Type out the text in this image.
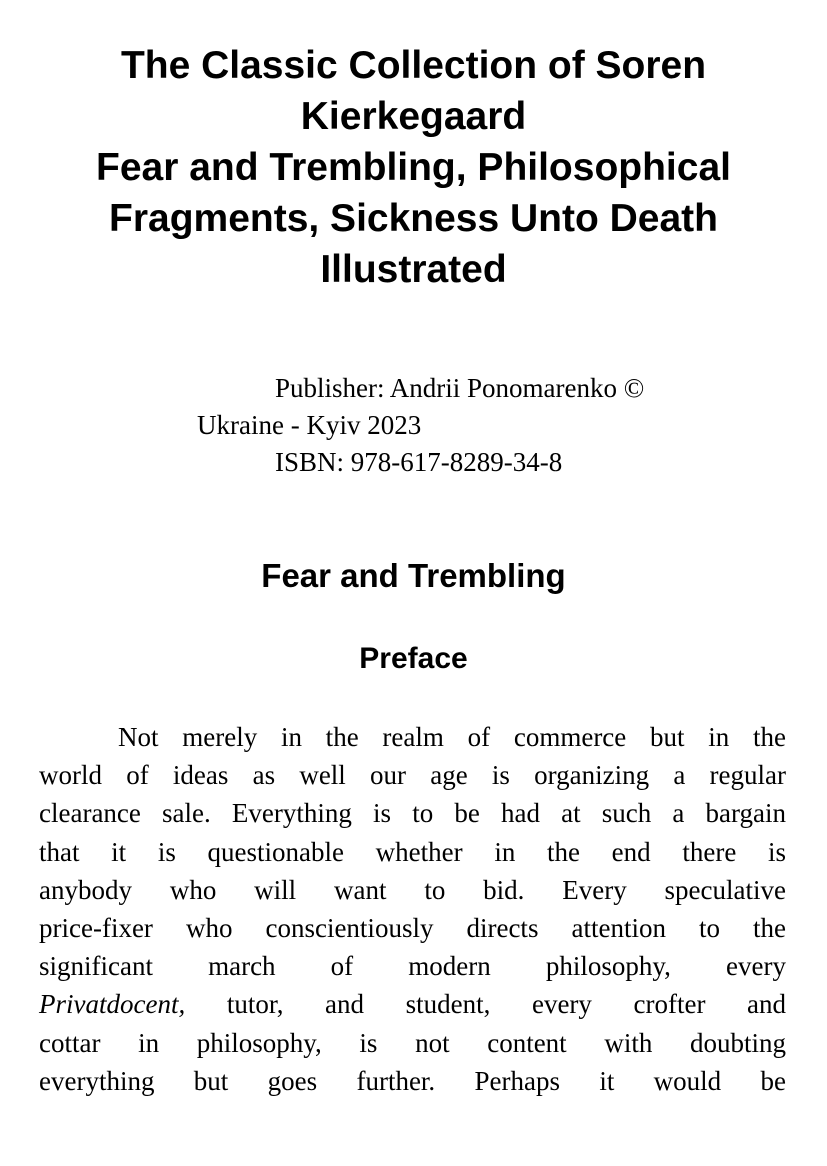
The Classic Collection of Soren
Kierkegaard
Fear and Trembling, Philosophical
Fragments, Sickness Unto Death
Illustrated
Publisher: Andrii Ponomarenko ©
Ukraine - Kyiv 2023
ISBN: 978-617-8289-34-8
Fear and Trembling
Preface
Not merely in the realm of commerce but in the
world of ideas as well our age is organizing a regular
clearance sale. Everything is to be had at such a bargain
that it is questionable whether in the end there is
anybody who will want to bid. Every speculative
price-fixer who conscientiously directs attention to the
significant march of modern philosophy, every
Privatdocent, tutor, and student, every crofter and
cottar in philosophy, is not content with doubting
everything but goes further. Perhaps it would be
